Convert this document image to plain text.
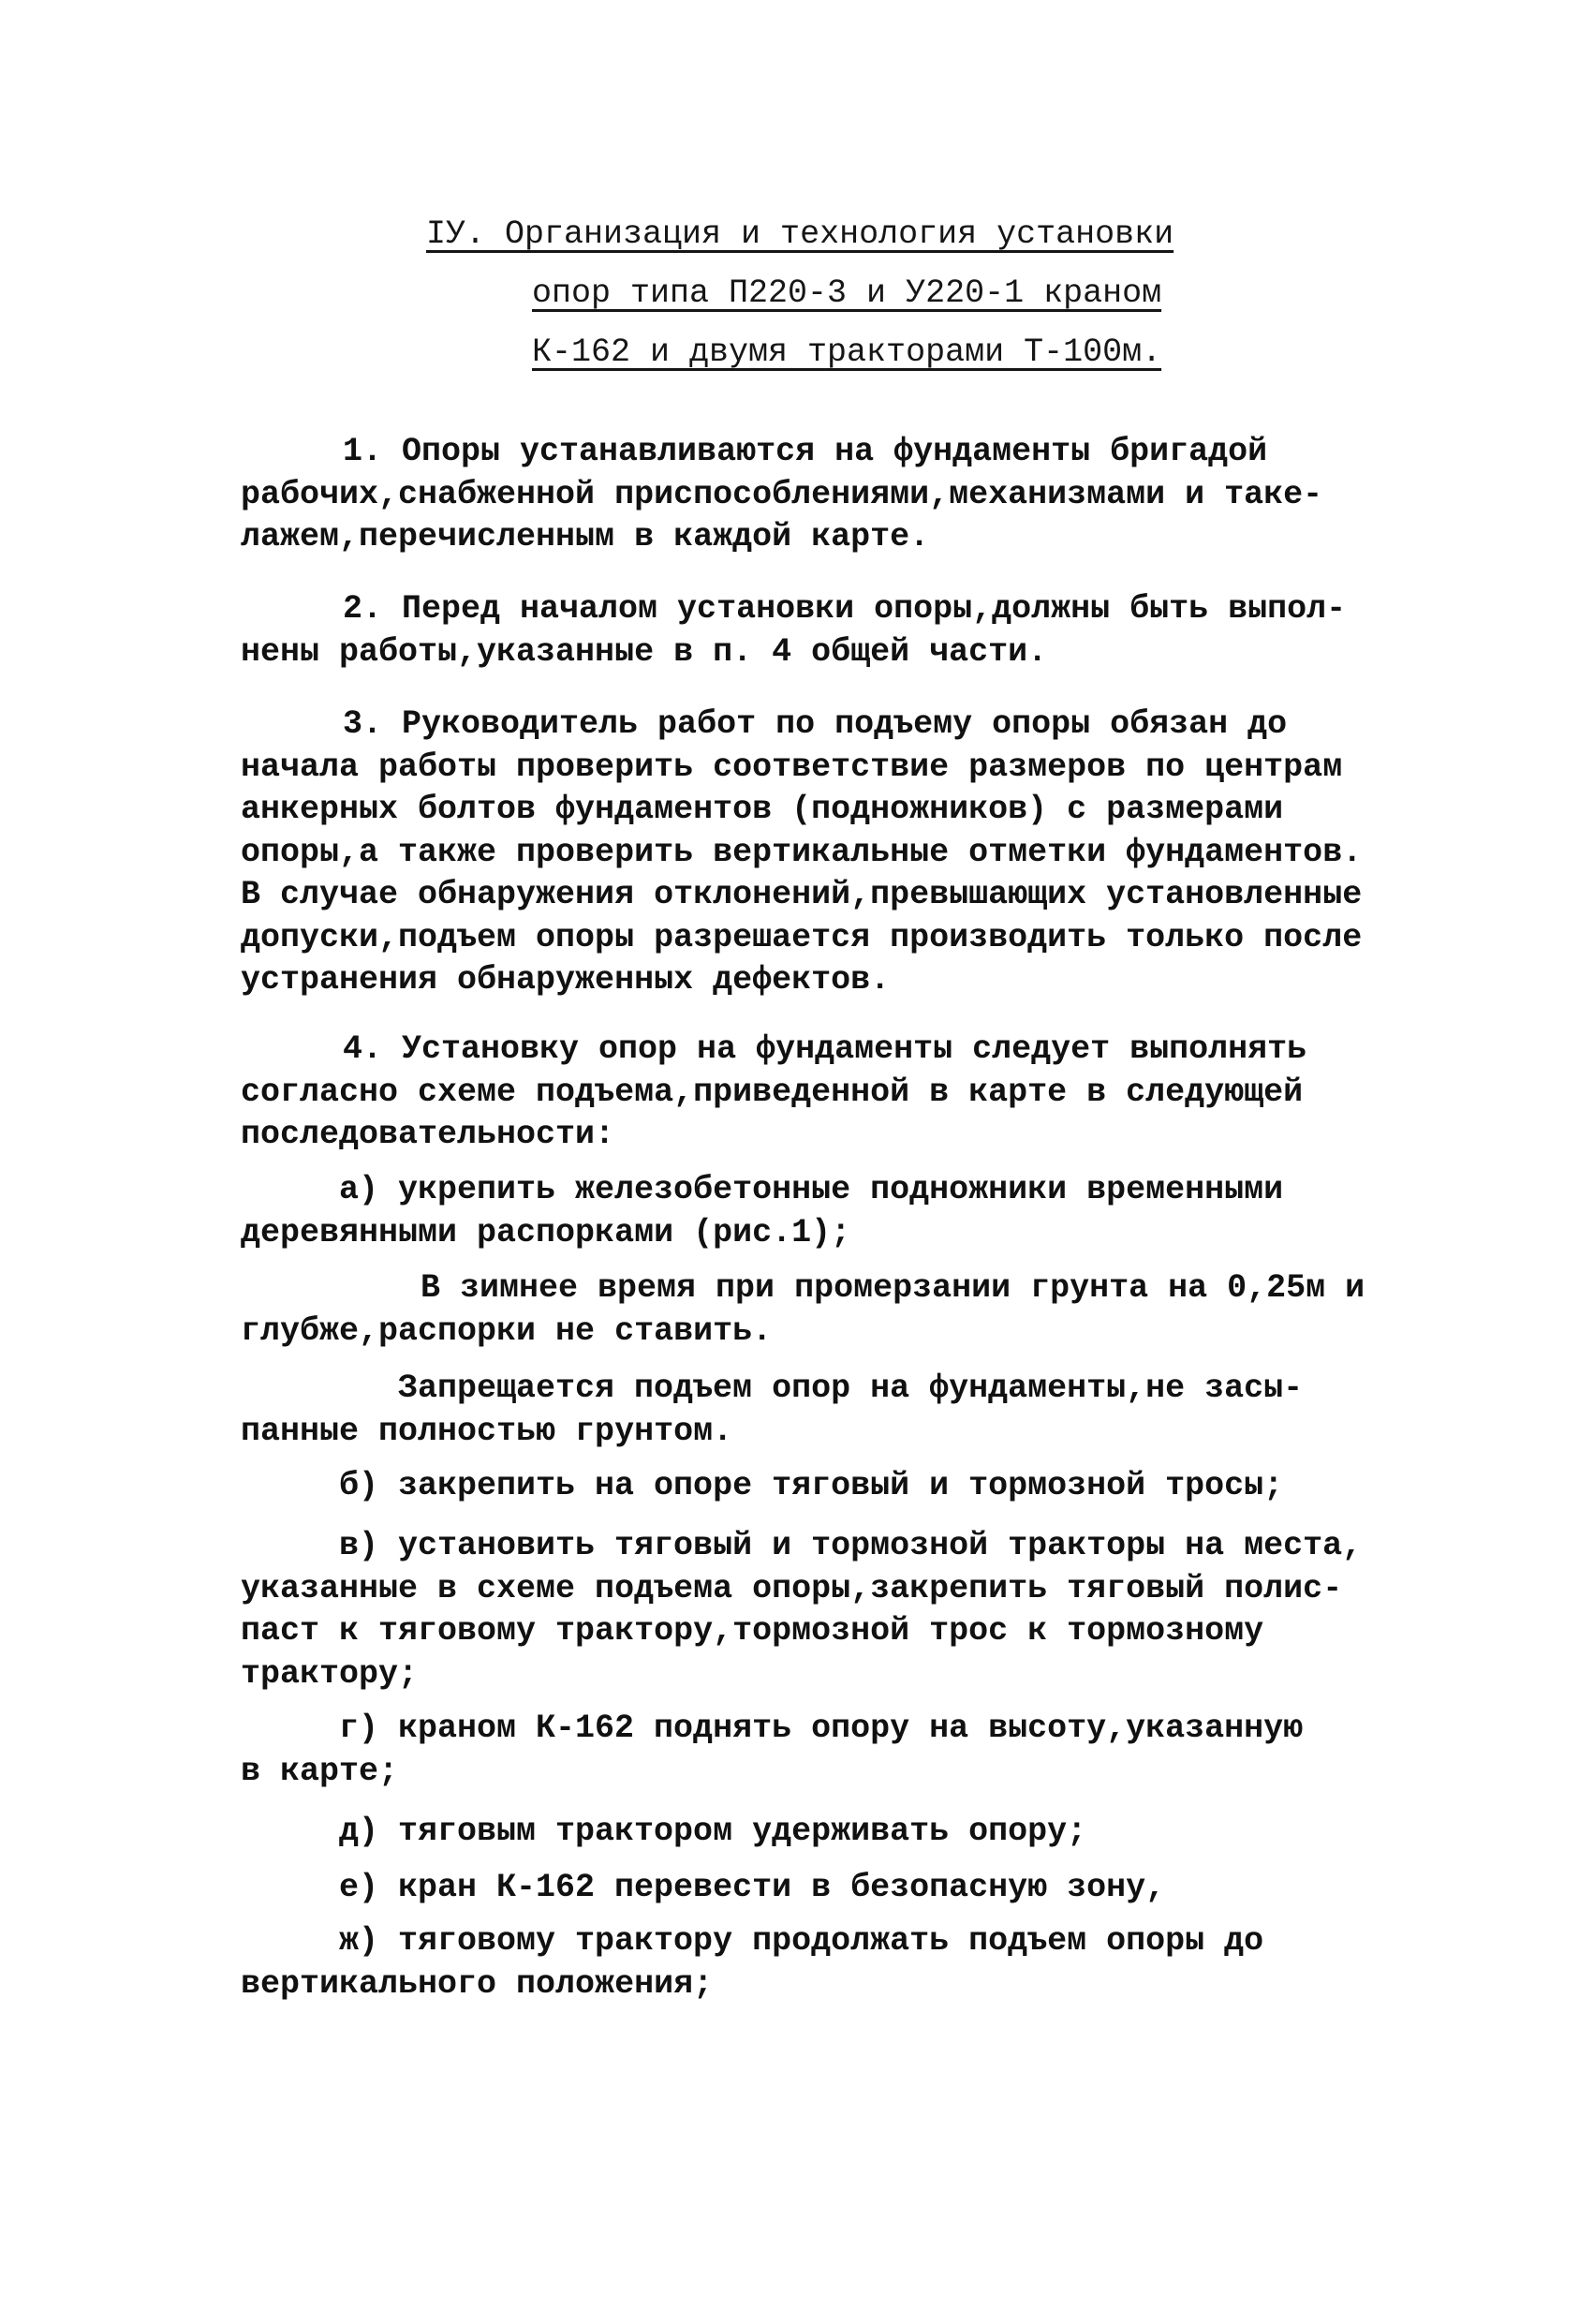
IУ. Организация и технология установки
опор типа П220-3 и У220-1 краном
К-162 и двумя тракторами Т-100м.
1. Опоры устанавливаются на фундаменты бригадой
рабочих,снабженной приспособлениями,механизмами и таке-
лажем,перечисленным в каждой карте.
2. Перед началом установки опоры,должны быть выпол-
нены работы,указанные в п. 4 общей части.
3. Руководитель работ по подъему опоры обязан до
начала работы проверить соответствие размеров по центрам
анкерных болтов фундаментов (подножников) с размерами
опоры,а также проверить вертикальные отметки фундаментов.
В случае обнаружения отклонений,превышающих установленные
допуски,подъем опоры разрешается производить только после
устранения обнаруженных дефектов.
4. Установку опор на фундаменты следует выполнять
согласно схеме подъема,приведенной в карте в следующей
последовательности:
а) укрепить железобетонные подножники временными
деревянными распорками (рис.1);
В зимнее время при промерзании грунта на 0,25м и
глубже,распорки не ставить.
Запрещается подъем опор на фундаменты,не засы-
панные полностью грунтом.
б) закрепить на опоре тяговый и тормозной тросы;
в) установить тяговый и тормозной тракторы на места,
указанные в схеме подъема опоры,закрепить тяговый полис-
паст к тяговому трактору,тормозной трос к тормозному
трактору;
г) краном К-162 поднять опору на высоту,указанную
в карте;
д) тяговым трактором удерживать опору;
е) кран К-162 перевести в безопасную зону,
ж) тяговому трактору продолжать подъем опоры до
вертикального положения;
